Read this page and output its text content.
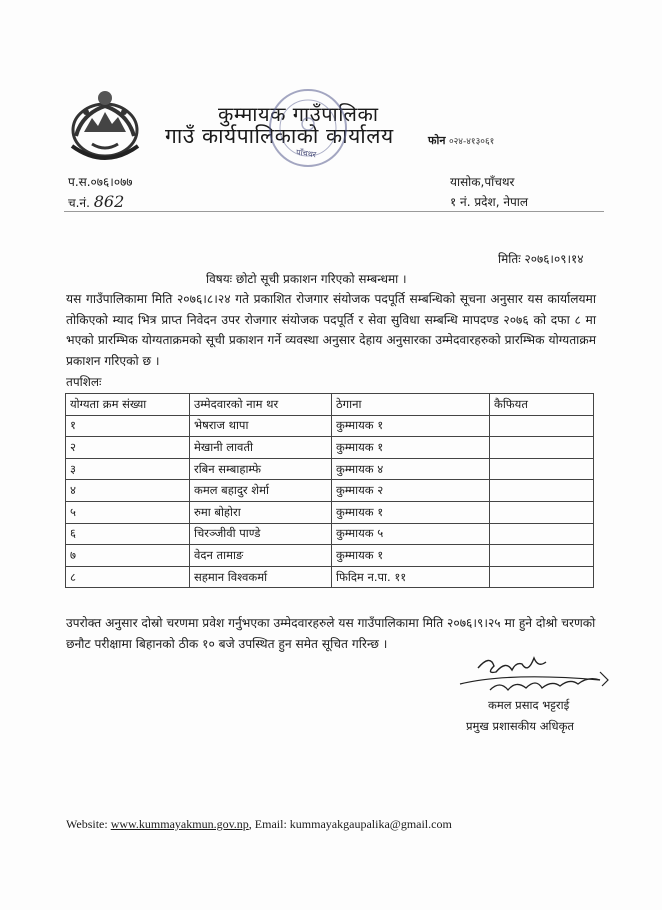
कुम्मायक गाउँपालिका
गाउँ कार्यपालिकाको कार्यालय
पाँचथर
फोन ०२४-४१३०६१
प.स.०७६।०७७
च.नं. 862
यासोक,पाँचथर
१ नं. प्रदेश, नेपाल
मितिः २०७६।०९।१४
विषयः छोटो सूची प्रकाशन गरिएको सम्बन्धमा ।
यस गाउँपालिकामा मिति २०७६।८।२४ गते प्रकाशित रोजगार संयोजक पदपूर्ति सम्बन्धिको सूचना अनुसार यस कार्यालयमा तोकिएको म्याद भित्र प्राप्त निवेदन उपर रोजगार संयोजक पदपूर्ति र सेवा सुविधा सम्बन्धि मापदण्ड २०७६ को दफा ८ मा भएको प्रारम्भिक योग्यताक्रमको सूची प्रकाशन गर्ने व्यवस्था अनुसार देहाय अनुसारका उम्मेदवारहरुको प्रारम्भिक योग्यताक्रम प्रकाशन गरिएको छ ।
तपशिलः
योग्यता क्रम संख्या	उम्मेदवारको नाम थर	ठेगाना	कैफियत
१	भेषराज थापा	कुम्मायक १	
२	मेखानी लावती	कुम्मायक १	
३	रबिन सम्बाहाम्फे	कुम्मायक ४	
४	कमल बहादुर शेर्मा	कुम्मायक २	
५	रुमा बोहोरा	कुम्मायक १	
६	चिरञ्जीवी पाण्डे	कुम्मायक ५	
७	वेदन तामाङ	कुम्मायक १	
८	सहमान विश्वकर्मा	फिदिम न.पा. ११	
उपरोक्त अनुसार दोस्रो चरणमा प्रवेश गर्नुभएका उम्मेदवारहरुले यस गाउँपालिकामा मिति २०७६।९।२५ मा हुने दोश्रो चरणको छनौट परीक्षामा बिहानको ठीक १० बजे उपस्थित हुन समेत सूचित गरिन्छ ।
कमल प्रसाद भट्टराई
प्रमुख प्रशासकीय अधिकृत
Website: www.kummayakmun.gov.np, Email: kummayakgaupalika@gmail.com
